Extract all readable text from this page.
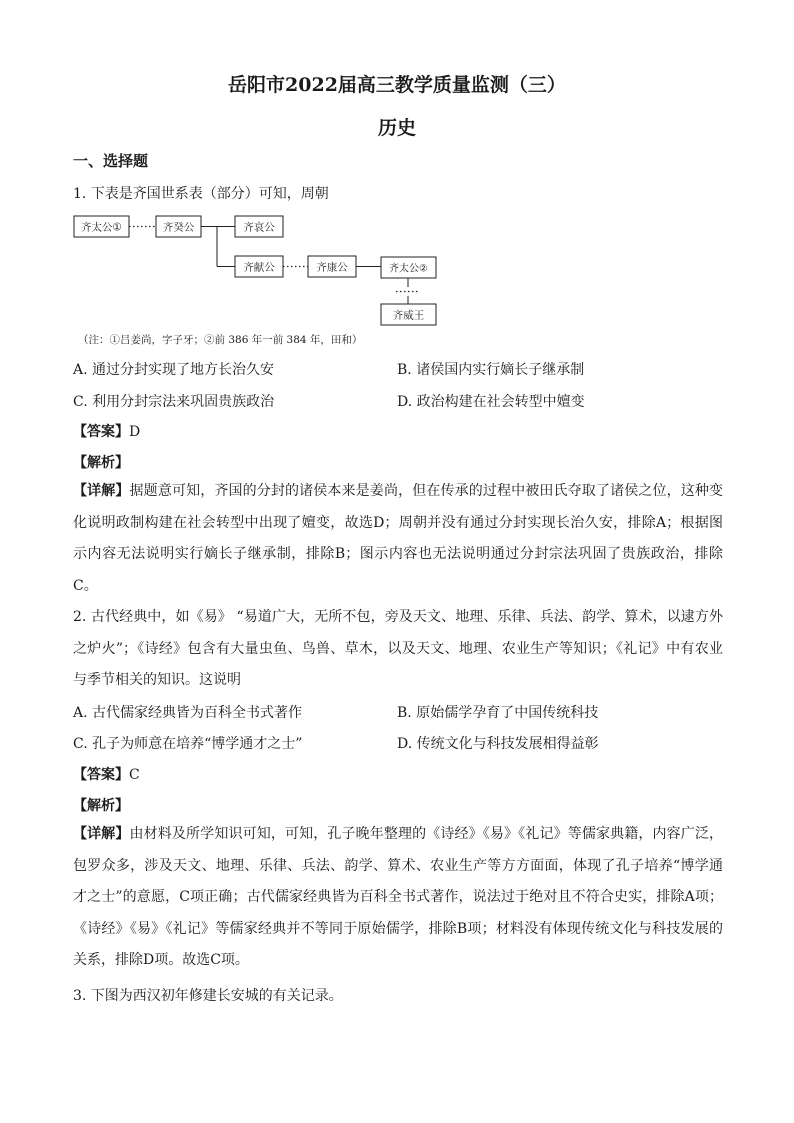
岳阳市2022届高三教学质量监测（三）
历史
一、选择题
1. 下表是齐国世系表（部分）可知，周朝
齐太公①	齐癸公	齐哀公
齐献公	齐康公	齐太公②
齐威王
（注：①吕姜尚，字子牙；②前 386 年一前 384 年，田和）
A. 通过分封实现了地方长治久安	B. 诸侯国内实行嫡长子继承制
C. 利用分封宗法来巩固贵族政治	D. 政治构建在社会转型中嬗变
【答案】D
【解析】
【详解】据题意可知，齐国的分封的诸侯本来是姜尚，但在传承的过程中被田氏夺取了诸侯之位，这种变化说明政制构建在社会转型中出现了嬗变，故选D；周朝并没有通过分封实现长治久安，排除A；根据图示内容无法说明实行嫡长子继承制，排除B；图示内容也无法说明通过分封宗法巩固了贵族政治，排除C。
2. 古代经典中，如《易》 “易道广大，无所不包，旁及天文、地理、乐律、兵法、韵学、算术，以逮方外之炉火”；《诗经》包含有大量虫鱼、鸟兽、草木，以及天文、地理、农业生产等知识；《礼记》中有农业与季节相关的知识。这说明
A. 古代儒家经典皆为百科全书式著作	B. 原始儒学孕育了中国传统科技
C. 孔子为师意在培养“博学通才之士”	D. 传统文化与科技发展相得益彰
【答案】C
【解析】
【详解】由材料及所学知识可知，可知，孔子晚年整理的《诗经》《易》《礼记》等儒家典籍，内容广泛，包罗众多，涉及天文、地理、乐律、兵法、韵学、算术、农业生产等方方面面，体现了孔子培养“博学通才之士”的意愿，C项正确；古代儒家经典皆为百科全书式著作，说法过于绝对且不符合史实，排除A项；《诗经》《易》《礼记》等儒家经典并不等同于原始儒学，排除B项；材料没有体现传统文化与科技发展的关系，排除D项。故选C项。
3. 下图为西汉初年修建长安城的有关记录。
